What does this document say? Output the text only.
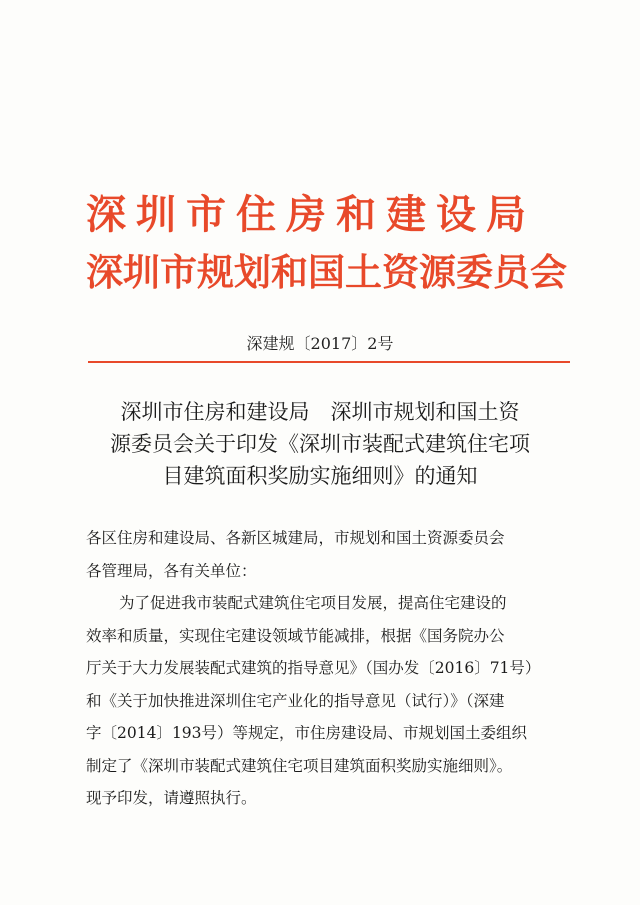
深圳市住房和建设局
深圳市规划和国土资源委员会
深建规〔2017〕2号
深圳市住房和建设局　深圳市规划和国土资
源委员会关于印发《深圳市装配式建筑住宅项
目建筑面积奖励实施细则》的通知
各区住房和建设局、各新区城建局，市规划和国土资源委员会
各管理局，各有关单位：
为了促进我市装配式建筑住宅项目发展，提高住宅建设的
效率和质量，实现住宅建设领域节能减排，根据《国务院办公
厅关于大力发展装配式建筑的指导意见》（国办发〔2016〕71号）
和《关于加快推进深圳住宅产业化的指导意见（试行）》（深建
字〔2014〕193号）等规定，市住房建设局、市规划国土委组织
制定了《深圳市装配式建筑住宅项目建筑面积奖励实施细则》。
现予印发，请遵照执行。
